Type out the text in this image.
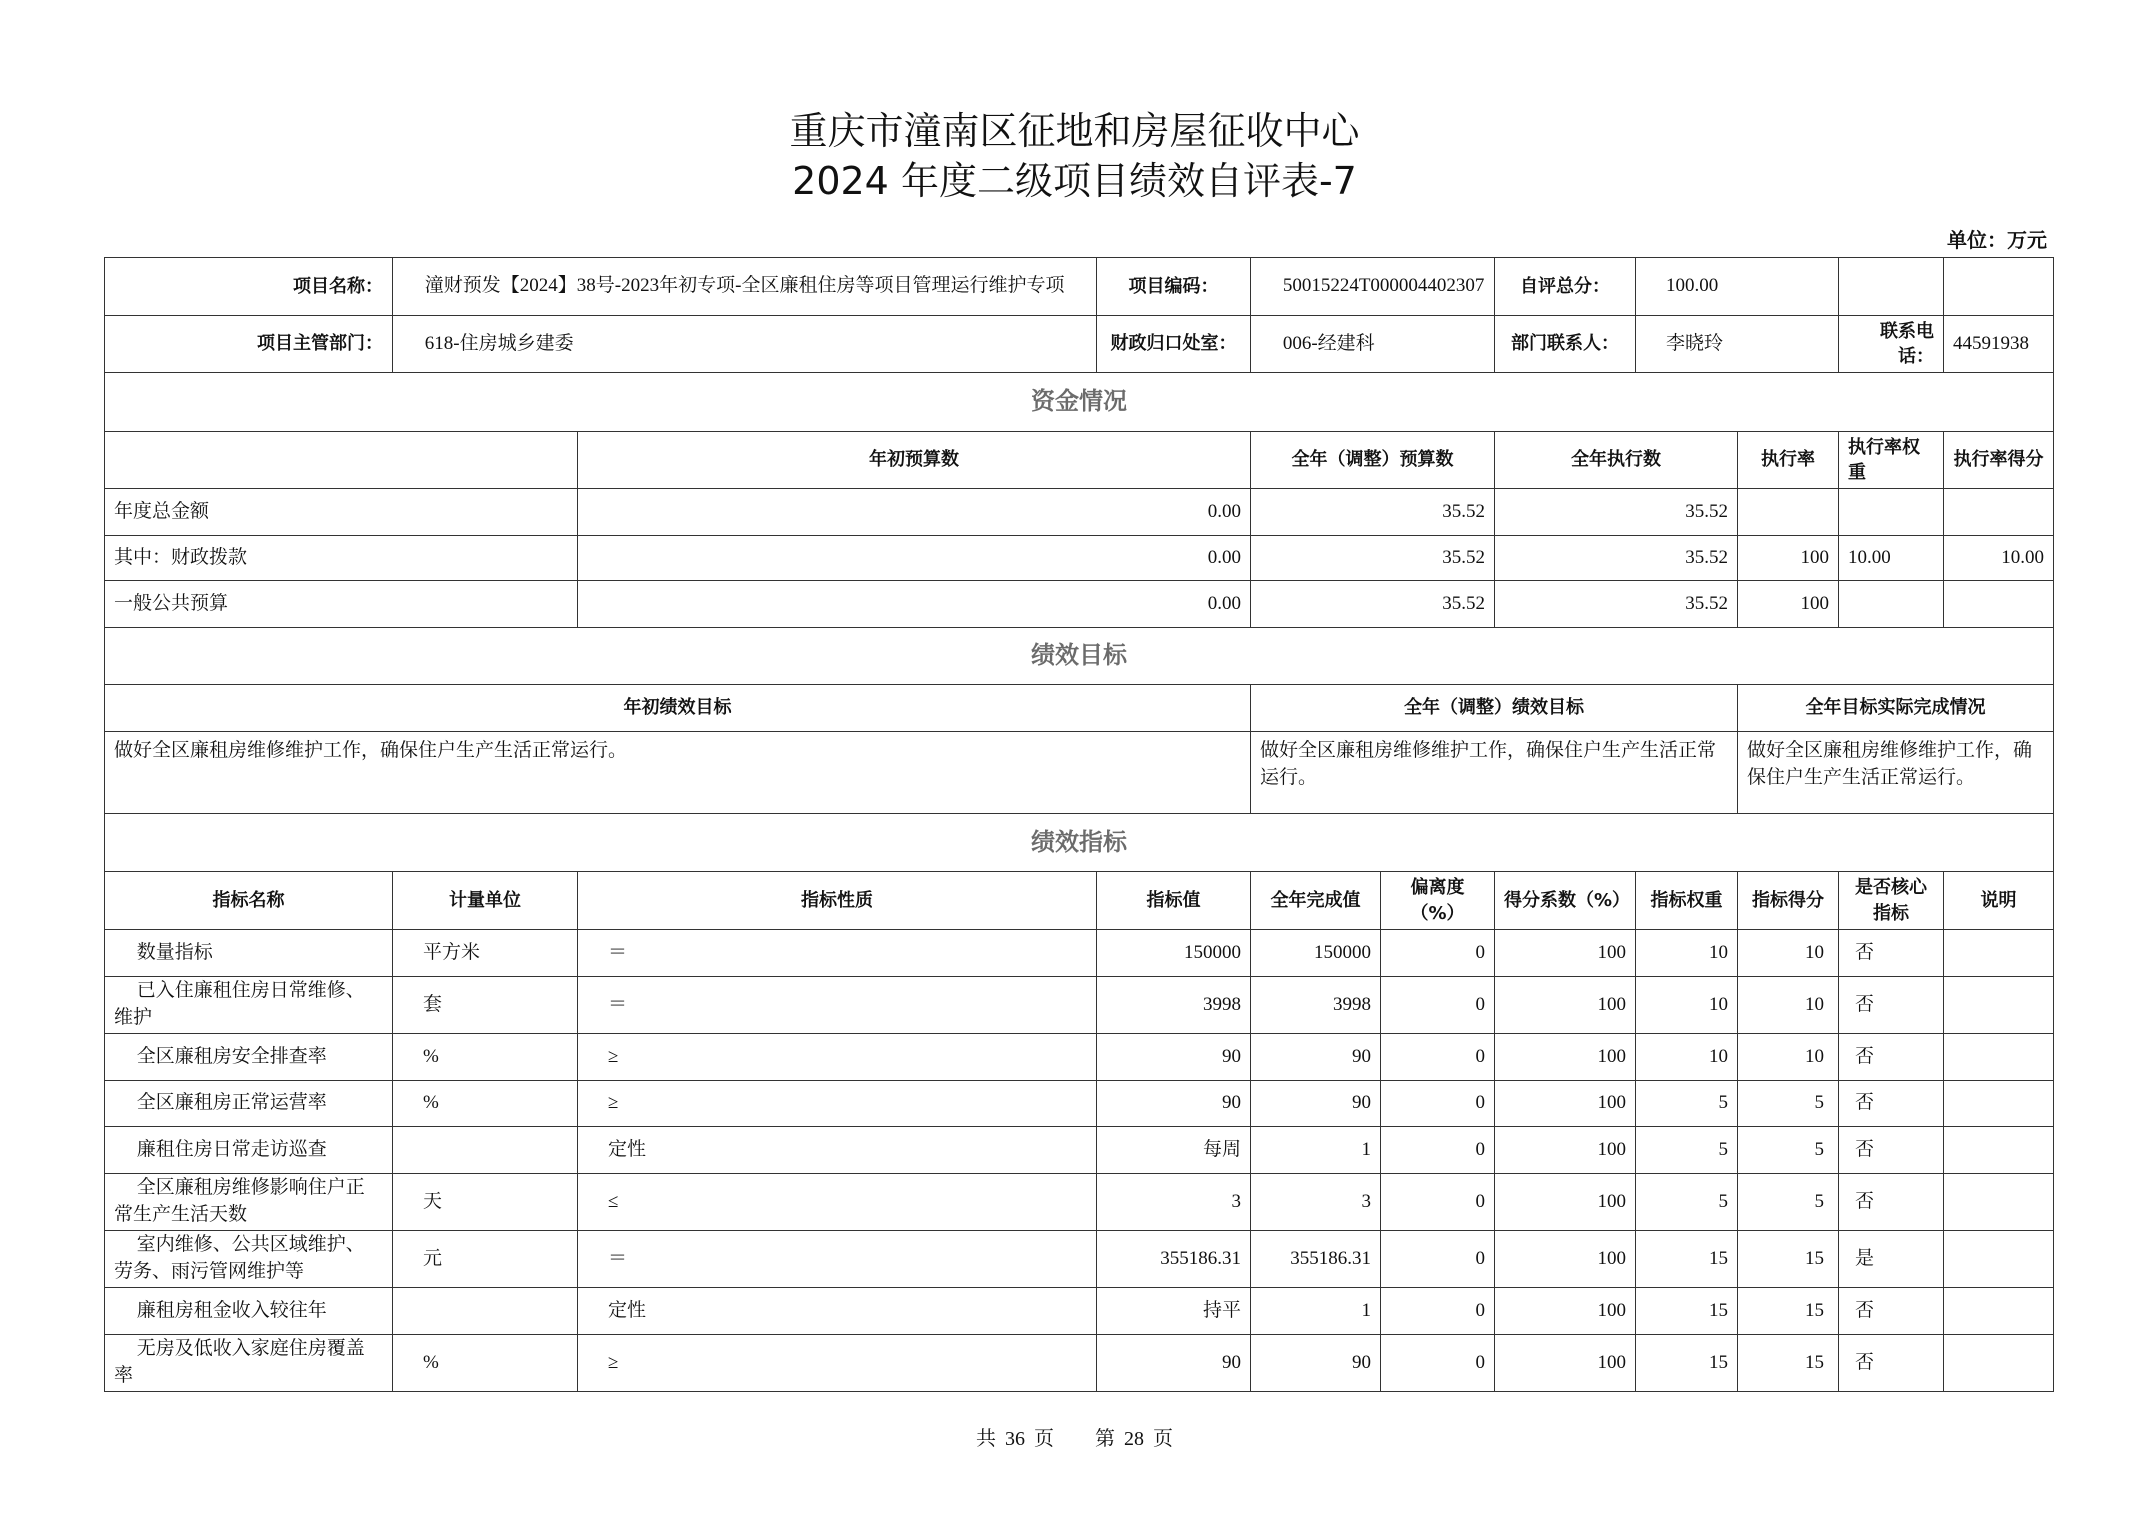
重庆市潼南区征地和房屋征收中心
2024 年度二级项目绩效自评表-7
单位：万元
项目名称：	潼财预发【2024】38号-2023年初专项-全区廉租住房等项目管理运行维护专项		项目编码：	50015224T000004402307		自评总分：	100.00			
项目主管部门：	618-住房城乡建委		财政归口处室：	006-经建科		部门联系人：	李晓玲		联系电话：	44591938
资金情况										
		年初预算数		全年（调整）预算数		全年执行数		执行率	执行率权重	执行率得分
年度总金额		0.00		35.52		35.52				
其中：财政拨款		0.00		35.52		35.52		100	10.00	10.00
一般公共预算		0.00		35.52		35.52		100		
绩效目标										
年初绩效目标				全年（调整）绩效目标				全年目标实际完成情况		
做好全区廉租房维修维护工作，确保住户生产生活正常运行。				做好全区廉租房维修维护工作，确保住户生产生活正常运行。				做好全区廉租房维修维护工作，确保住户生产生活正常运行。		
绩效指标										
指标名称	计量单位	指标性质	指标值	全年完成值	偏离度（%）	得分系数（%）	指标权重	指标得分	是否核心指标	说明
数量指标	平方米	＝	150000	150000	0	100	10	10	否	
已入住廉租住房日常维修、维护	套	＝	3998	3998	0	100	10	10	否	
全区廉租房安全排查率	%	≥	90	90	0	100	10	10	否	
全区廉租房正常运营率	%	≥	90	90	0	100	5	5	否	
廉租住房日常走访巡查		定性	每周	1	0	100	5	5	否	
全区廉租房维修影响住户正常生产生活天数	天	≤	3	3	0	100	5	5	否	
室内维修、公共区域维护、劳务、雨污管网维护等	元	＝	355186.31	355186.31	0	100	15	15	是	
廉租房租金收入较往年		定性	持平	1	0	100	15	15	否	
无房及低收入家庭住房覆盖率	%	≥	90	90	0	100	15	15	否	
共 36 页 第 28 页
